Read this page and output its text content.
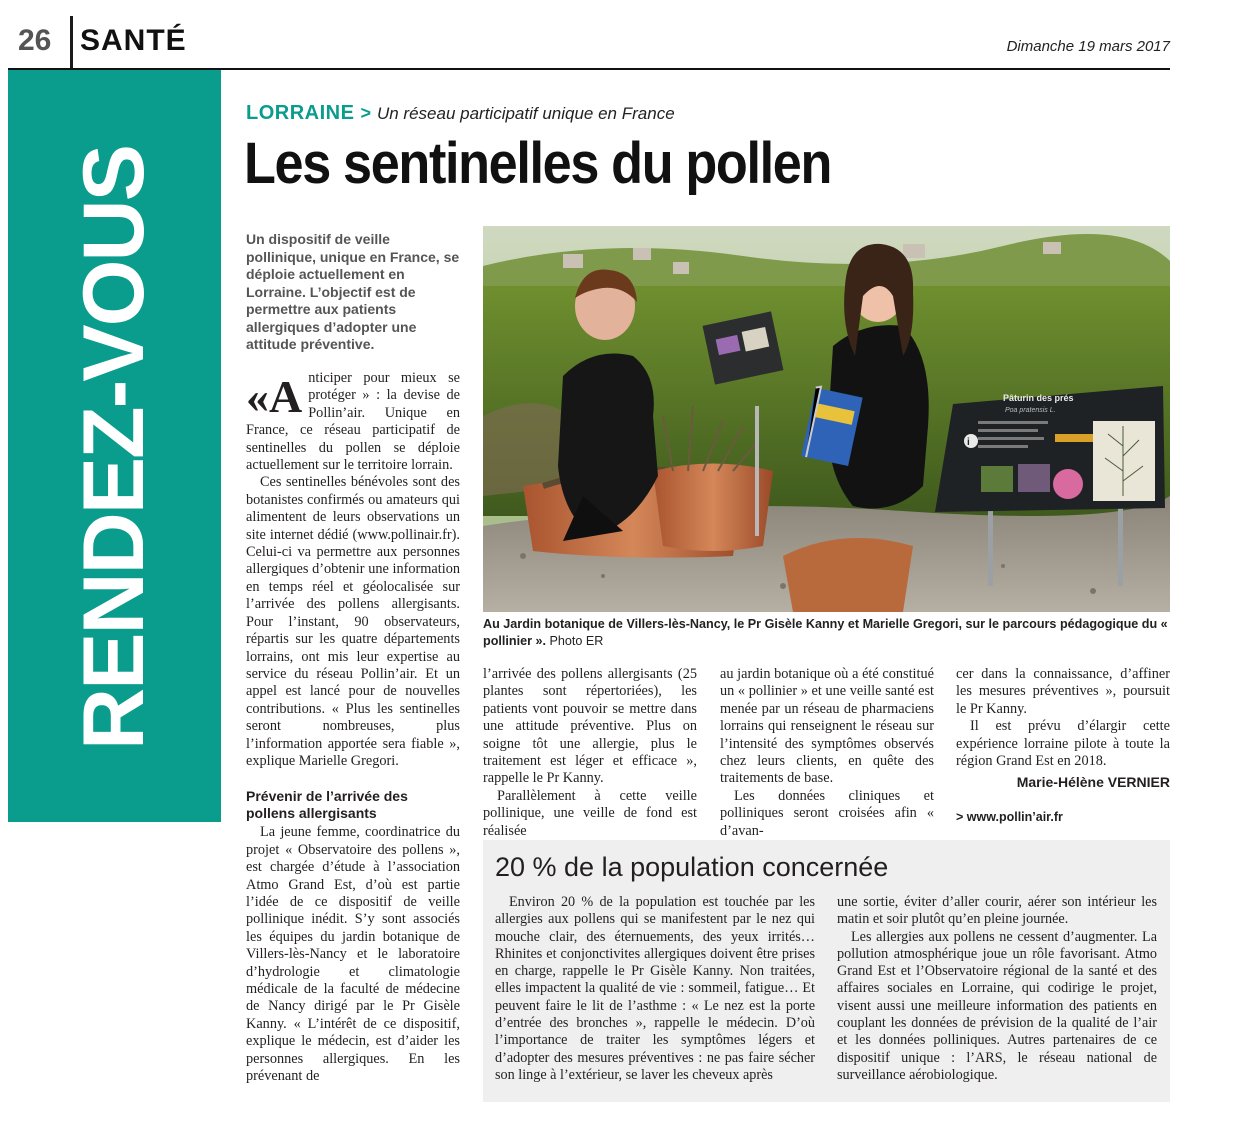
26 SANTÉ	Dimanche 19 mars 2017
RENDEZ-VOUS
LORRAINE > Un réseau participatif unique en France
Les sentinelles du pollen
Un dispositif de veille pollinique, unique en France, se déploie actuellement en Lorraine. L’objectif est de permettre aux patients allergiques d’adopter une attitude préventive.

«A nticiper pour mieux se protéger » : la devise de Pollin’air. Unique en France, ce réseau participatif de sentinelles du pollen se déploie actuellement sur le territoire lorrain.

Ces sentinelles bénévoles sont des botanistes confirmés ou amateurs qui alimentent de leurs observations un site internet dédié (www.pollinair.fr). Celui-ci va permettre aux personnes allergiques d’obtenir une information en temps réel et géolocalisée sur l’arrivée des pollens allergisants. Pour l’instant, 90 observateurs, répartis sur les quatre départements lorrains, ont mis leur expertise au service du réseau Pollin’air. Et un appel est lancé pour de nouvelles contributions. « Plus les sentinelles seront nombreuses, plus l’information apportée sera fiable », explique Marielle Gregori.

Prévenir de l’arrivée des pollens allergisants

La jeune femme, coordinatrice du projet « Observatoire des pollens », est chargée d’étude à l’association Atmo Grand Est, d’où est partie l’idée de ce dispositif de veille pollinique inédit. S’y sont associés les équipes du jardin botanique de Villers-lès-Nancy et le laboratoire d’hydrologie et climatologie médicale de la faculté de médecine de Nancy dirigé par le Pr Gisèle Kanny. « L’intérêt de ce dispositif, explique le médecin, est d’aider les personnes allergiques. En les prévenant de

Pâturin des prés
Poa pratensis L.
i
Au Jardin botanique de Villers-lès-Nancy, le Pr Gisèle Kanny et Marielle Gregori, sur le parcours pédagogique du « pollinier ». Photo ER

l’arrivée des pollens allergisants (25 plantes sont répertoriées), les patients vont pouvoir se mettre dans une attitude préventive. Plus on soigne tôt une allergie, plus le traitement est léger et efficace », rappelle le Pr Kanny.

Parallèlement à cette veille pollinique, une veille de fond est réalisée

au jardin botanique où a été constitué un « pollinier » et une veille santé est menée par un réseau de pharmaciens lorrains qui renseignent le réseau sur l’intensité des symptômes observés chez leurs clients, en quête des traitements de base.

Les données cliniques et polliniques seront croisées afin « d’avan-

cer dans la connaissance, d’affiner les mesures préventives », poursuit le Pr Kanny.

Il est prévu d’élargir cette expérience lorraine pilote à toute la région Grand Est en 2018.

Marie-Hélène VERNIER
> www.pollin’air.fr
20 % de la population concernée

Environ 20 % de la population est touchée par les allergies aux pollens qui se manifestent par le nez qui mouche clair, des éternuements, des yeux irrités… Rhinites et conjonctivites allergiques doivent être prises en charge, rappelle le Pr Gisèle Kanny. Non traitées, elles impactent la qualité de vie : sommeil, fatigue… Et peuvent faire le lit de l’asthme : « Le nez est la porte d’entrée des bronches », rappelle le médecin. D’où l’importance de traiter les symptômes légers et d’adopter des mesures préventives : ne pas faire sécher son linge à l’extérieur, se laver les cheveux après

une sortie, éviter d’aller courir, aérer son intérieur les matin et soir plutôt qu’en pleine journée.

Les allergies aux pollens ne cessent d’augmenter. La pollution atmosphérique joue un rôle favorisant. Atmo Grand Est et l’Observatoire régional de la santé et des affaires sociales en Lorraine, qui codirige le projet, visent aussi une meilleure information des patients en couplant les données de prévision de la qualité de l’air et les données polliniques. Autres partenaires de ce dispositif unique : l’ARS, le réseau national de surveillance aérobiologique.
